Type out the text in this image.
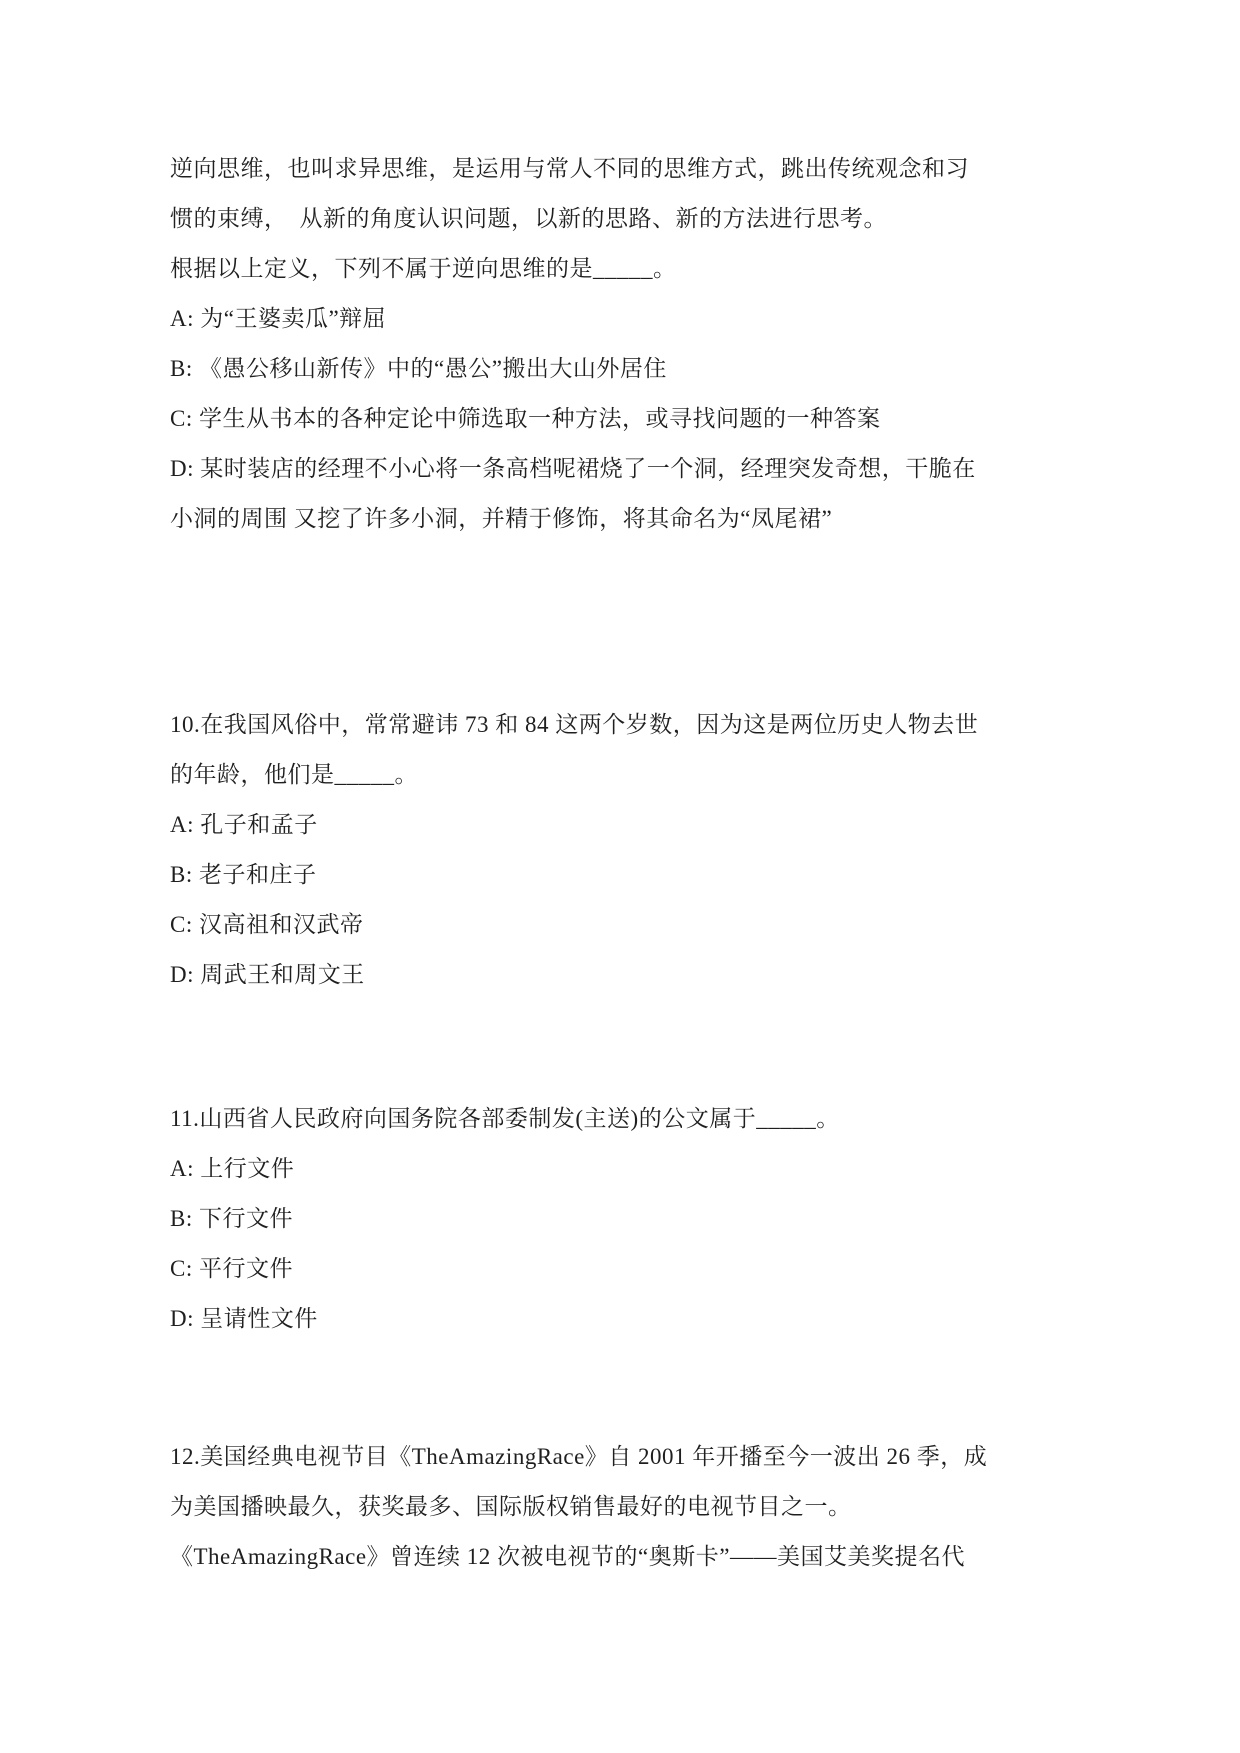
逆向思维，也叫求异思维，是运用与常人不同的思维方式，跳出传统观念和习
惯的束缚，　从新的角度认识问题，以新的思路、新的方法进行思考。
根据以上定义，下列不属于逆向思维的是_____。
A: 为“王婆卖瓜”辩屈
B: 《愚公移山新传》中的“愚公”搬出大山外居住
C: 学生从书本的各种定论中筛选取一种方法，或寻找问题的一种答案
D: 某时装店的经理不小心将一条高档呢裙烧了一个洞，经理突发奇想，干脆在
小洞的周围 又挖了许多小洞，并精于修饰，将其命名为“凤尾裙”
10.在我国风俗中，常常避讳 73 和 84 这两个岁数，因为这是两位历史人物去世
的年龄，他们是_____。
A: 孔子和孟子
B: 老子和庄子
C: 汉高祖和汉武帝
D: 周武王和周文王
11.山西省人民政府向国务院各部委制发(主送)的公文属于_____。
A: 上行文件
B: 下行文件
C: 平行文件
D: 呈请性文件
12.美国经典电视节目《TheAmazingRace》自 2001 年开播至今一波出 26 季，成
为美国播映最久，获奖最多、国际版权销售最好的电视节目之一。
《TheAmazingRace》曾连续 12 次被电视节的“奥斯卡”——美国艾美奖提名代
